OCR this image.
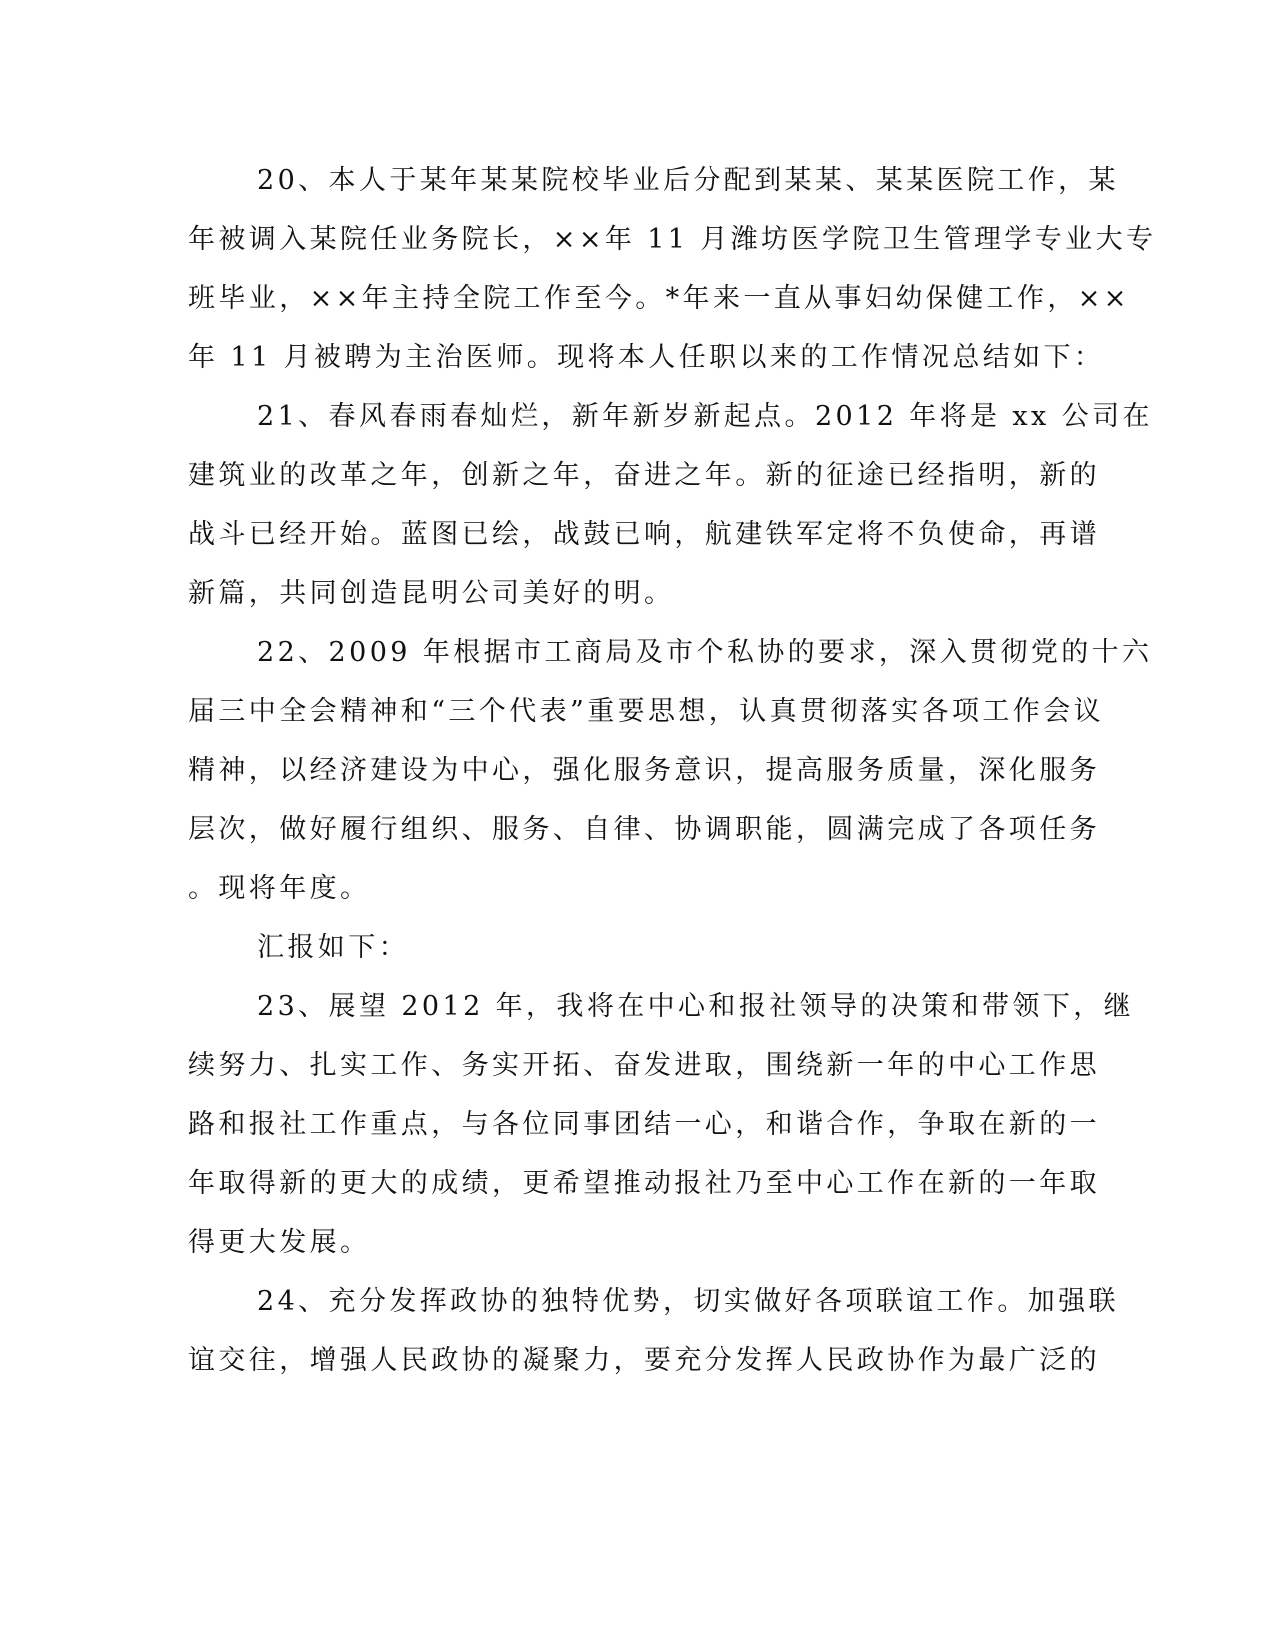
20、本人于某年某某院校毕业后分配到某某、某某医院工作，某
年被调入某院任业务院长，××年 11 月潍坊医学院卫生管理学专业大专
班毕业，××年主持全院工作至今。*年来一直从事妇幼保健工作，××
年 11 月被聘为主治医师。现将本人任职以来的工作情况总结如下：
21、春风春雨春灿烂，新年新岁新起点。2012 年将是 xx 公司在
建筑业的改革之年，创新之年，奋进之年。新的征途已经指明，新的
战斗已经开始。蓝图已绘，战鼓已响，航建铁军定将不负使命，再谱
新篇，共同创造昆明公司美好的明。
22、2009 年根据市工商局及市个私协的要求，深入贯彻党的十六
届三中全会精神和“三个代表”重要思想，认真贯彻落实各项工作会议
精神，以经济建设为中心，强化服务意识，提高服务质量，深化服务
层次，做好履行组织、服务、自律、协调职能，圆满完成了各项任务
。现将年度。
汇报如下：
23、展望 2012 年，我将在中心和报社领导的决策和带领下，继
续努力、扎实工作、务实开拓、奋发进取，围绕新一年的中心工作思
路和报社工作重点，与各位同事团结一心，和谐合作，争取在新的一
年取得新的更大的成绩，更希望推动报社乃至中心工作在新的一年取
得更大发展。
24、充分发挥政协的独特优势，切实做好各项联谊工作。加强联
谊交往，增强人民政协的凝聚力，要充分发挥人民政协作为最广泛的
